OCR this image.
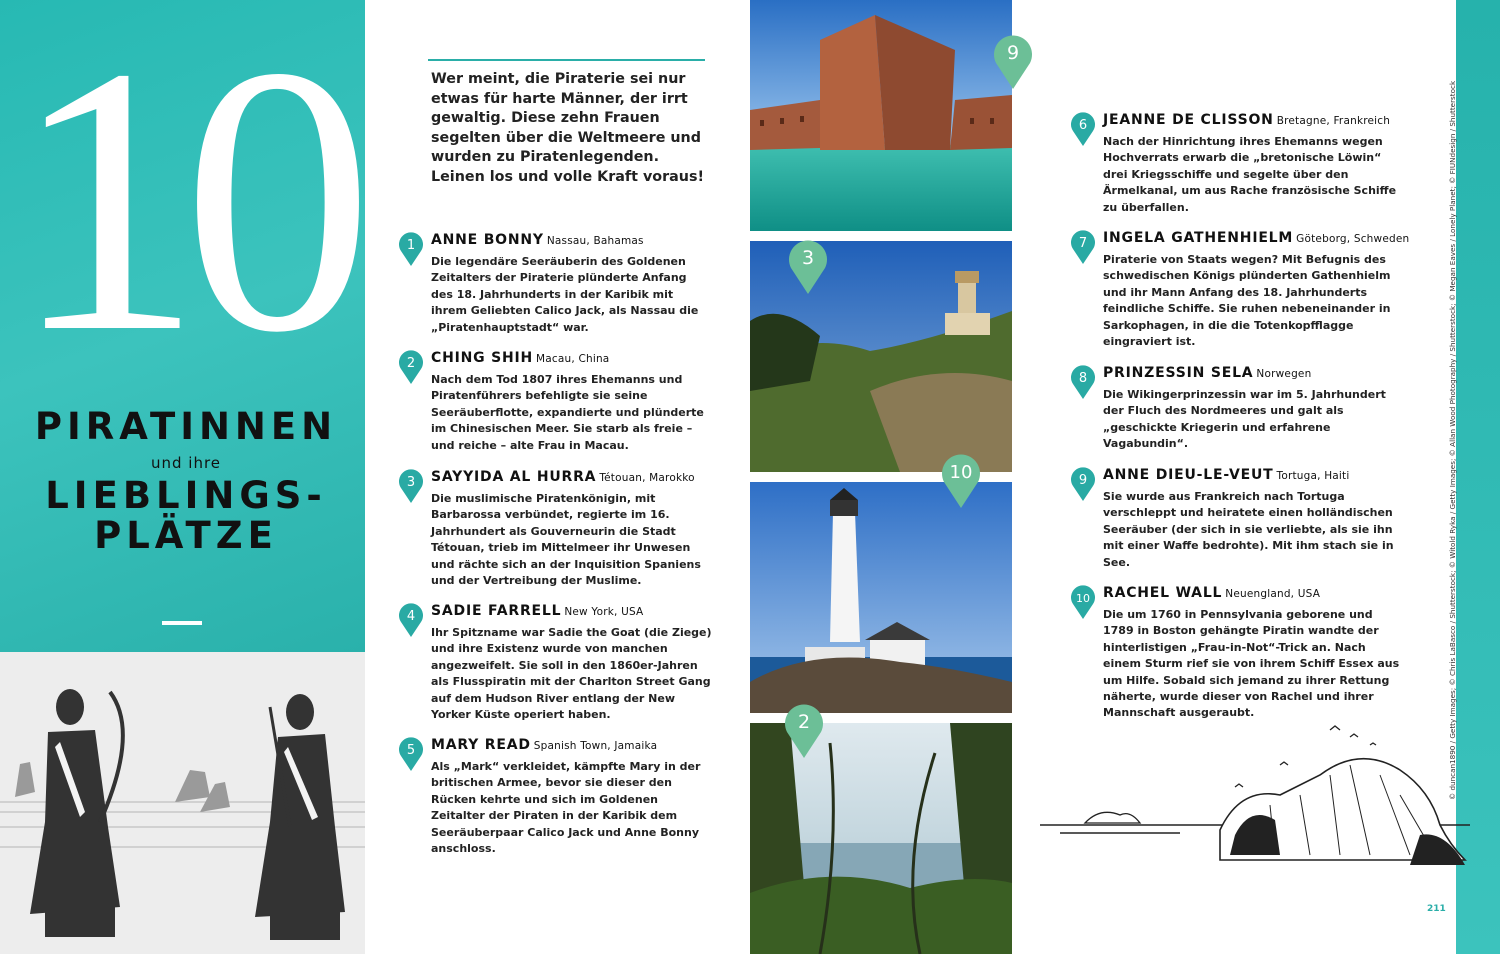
10
PIRATINNEN
und ihre
LIEBLINGS-
PLÄTZE
Wer meint, die Piraterie sei nur etwas für harte Männer, der irrt gewaltig. Diese zehn Frauen segelten über die Weltmeere und wurden zu Piratenlegenden. Leinen los und volle Kraft voraus!
1 ANNE BONNY Nassau, Bahamas
Die legendäre Seeräuberin des Goldenen Zeitalters der Piraterie plünderte Anfang des 18. Jahrhunderts in der Karibik mit ihrem Geliebten Calico Jack, als Nassau die „Piratenhauptstadt“ war.
2 CHING SHIH Macau, China
Nach dem Tod 1807 ihres Ehemanns und Piratenführers befehligte sie seine Seeräuberflotte, expandierte und plünderte im Chinesischen Meer. Sie starb als freie – und reiche – alte Frau in Macau.
3 SAYYIDA AL HURRA Tétouan, Marokko
Die muslimische Piratenkönigin, mit Barbarossa verbündet, regierte im 16. Jahrhundert als Gouverneurin die Stadt Tétouan, trieb im Mittelmeer ihr Unwesen und rächte sich an der Inquisition Spaniens und der Vertreibung der Muslime.
4 SADIE FARRELL New York, USA
Ihr Spitzname war Sadie the Goat (die Ziege) und ihre Existenz wurde von manchen angezweifelt. Sie soll in den 1860er-Jahren als Flusspiratin mit der Charlton Street Gang auf dem Hudson River entlang der New Yorker Küste operiert haben.
5 MARY READ Spanish Town, Jamaika
Als „Mark“ verkleidet, kämpfte Mary in der britischen Armee, bevor sie dieser den Rücken kehrte und sich im Goldenen Zeitalter der Piraten in der Karibik dem Seeräuberpaar Calico Jack und Anne Bonny anschloss.
9
3
10
2
6 JEANNE DE CLISSON Bretagne, Frankreich
Nach der Hinrichtung ihres Ehemanns wegen Hochverrats erwarb die „bretonische Löwin“ drei Kriegsschiffe und segelte über den Ärmelkanal, um aus Rache französische Schiffe zu überfallen.
7 INGELA GATHENHIELM Göteborg, Schweden
Piraterie von Staats wegen? Mit Befugnis des schwedischen Königs plünderten Gathenhielm und ihr Mann Anfang des 18. Jahrhunderts feindliche Schiffe. Sie ruhen nebeneinander in Sarkophagen, in die die Totenkopfflagge eingraviert ist.
8 PRINZESSIN SELA Norwegen
Die Wikingerprinzessin war im 5. Jahrhundert der Fluch des Nordmeeres und galt als „geschickte Kriegerin und erfahrene Vagabundin“.
9 ANNE DIEU-LE-VEUT Tortuga, Haiti
Sie wurde aus Frankreich nach Tortuga verschleppt und heiratete einen holländischen Seeräuber (der sich in sie verliebte, als sie ihn mit einer Waffe bedrohte). Mit ihm stach sie in See.
10 RACHEL WALL Neuengland, USA
Die um 1760 in Pennsylvania geborene und 1789 in Boston gehängte Piratin wandte der hinterlistigen „Frau-in-Not“-Trick an. Nach einem Sturm rief sie von ihrem Schiff Essex aus um Hilfe. Sobald sich jemand zu ihrer Rettung näherte, wurde dieser von Rachel und ihrer Mannschaft ausgeraubt.	© duncan1890 / Getty Images; © Chris LaBasco / Shutterstock; © Witold Ryka / Getty Images; © Allan Wood Photography / Shutterstock; © Megan Eaves / Lonely Planet; © FIUNdesign / Shutterstock
211
